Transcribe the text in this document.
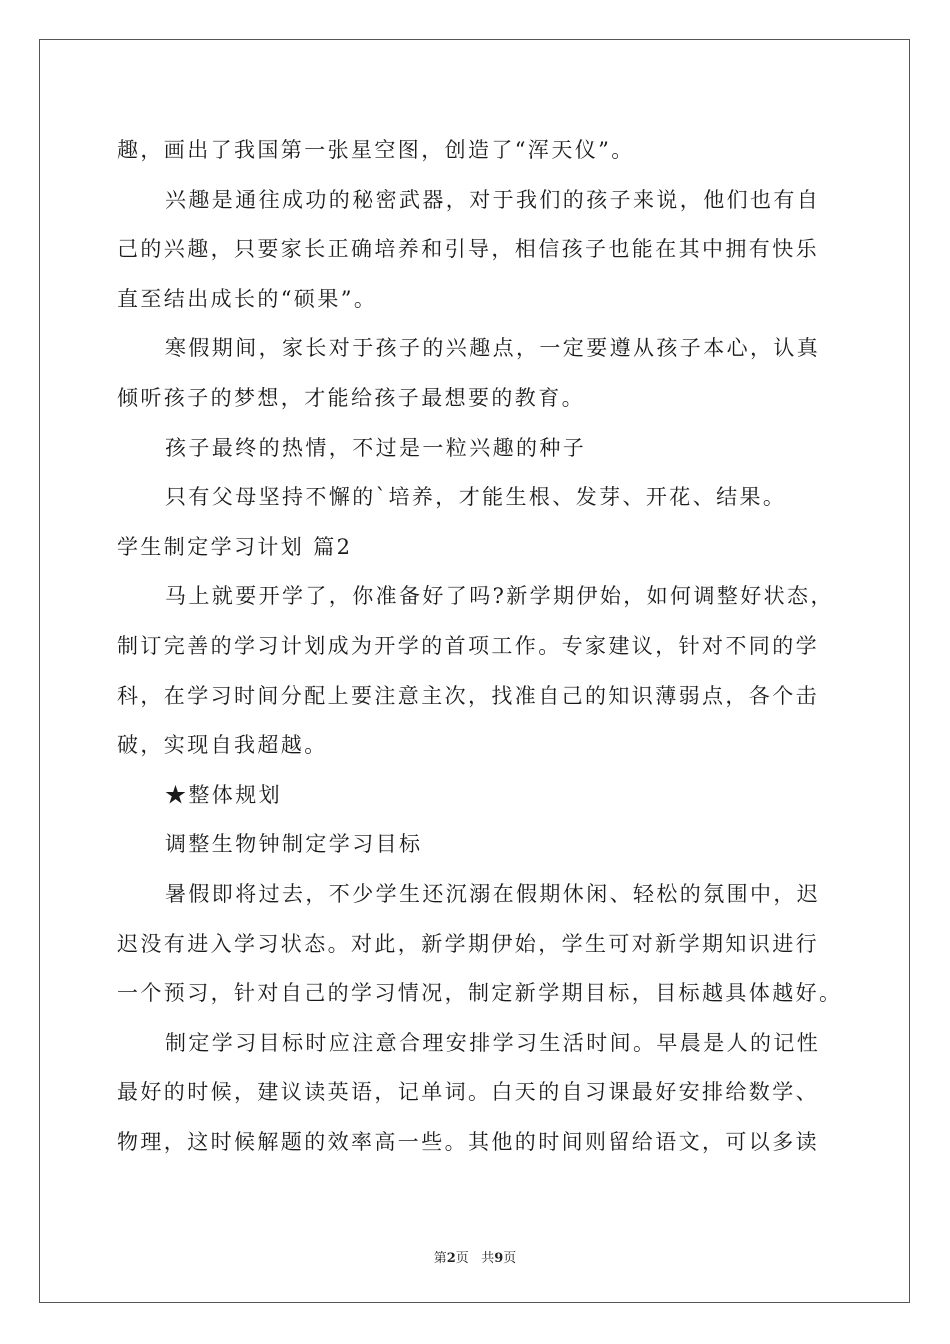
趣，画出了我国第一张星空图，创造了“浑天仪”。
兴趣是通往成功的秘密武器，对于我们的孩子来说，他们也有自
己的兴趣，只要家长正确培养和引导，相信孩子也能在其中拥有快乐
直至结出成长的“硕果”。
寒假期间，家长对于孩子的兴趣点，一定要遵从孩子本心，认真
倾听孩子的梦想，才能给孩子最想要的教育。
孩子最终的热情，不过是一粒兴趣的种子
只有父母坚持不懈的`培养，才能生根、发芽、开花、结果。
学生制定学习计划 篇2
马上就要开学了，你准备好了吗?新学期伊始，如何调整好状态，
制订完善的学习计划成为开学的首项工作。专家建议，针对不同的学
科，在学习时间分配上要注意主次，找准自己的知识薄弱点，各个击
破，实现自我超越。
★整体规划
调整生物钟制定学习目标
暑假即将过去，不少学生还沉溺在假期休闲、轻松的氛围中，迟
迟没有进入学习状态。对此，新学期伊始，学生可对新学期知识进行
一个预习，针对自己的学习情况，制定新学期目标，目标越具体越好。
制定学习目标时应注意合理安排学习生活时间。早晨是人的记性
最好的时候，建议读英语，记单词。白天的自习课最好安排给数学、
物理，这时候解题的效率高一些。其他的时间则留给语文，可以多读
第2页 共9页
